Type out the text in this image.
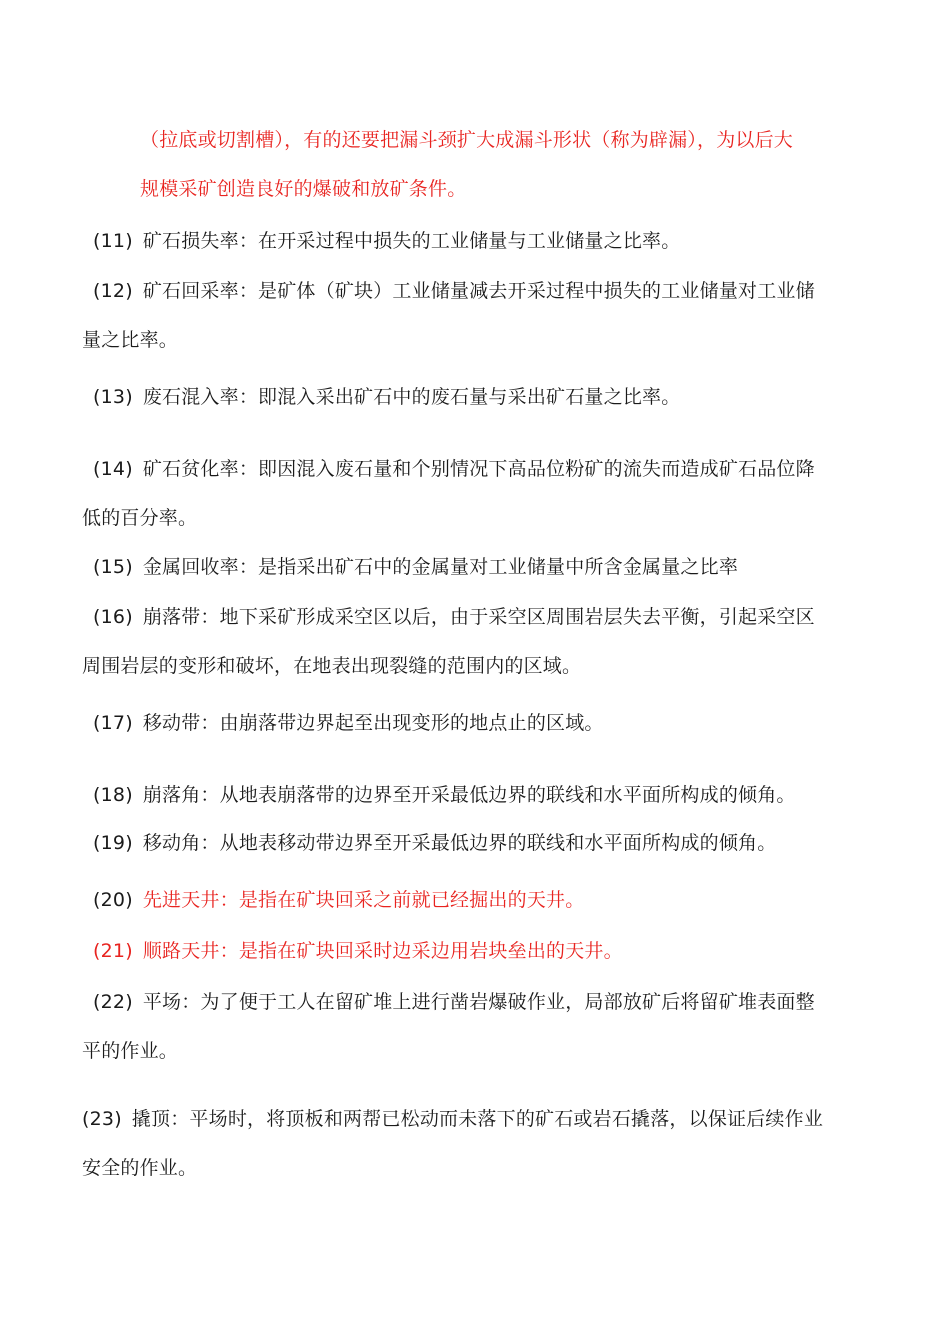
（拉底或切割槽），有的还要把漏斗颈扩大成漏斗形状（称为辟漏），为以后大
规模采矿创造良好的爆破和放矿条件。
(11) 矿石损失率：在开采过程中损失的工业储量与工业储量之比率。
(12) 矿石回采率：是矿体（矿块）工业储量减去开采过程中损失的工业储量对工业储
量之比率。
(13) 废石混入率：即混入采出矿石中的废石量与采出矿石量之比率。
(14) 矿石贫化率：即因混入废石量和个别情况下高品位粉矿的流失而造成矿石品位降
低的百分率。
(15) 金属回收率：是指采出矿石中的金属量对工业储量中所含金属量之比率
(16) 崩落带：地下采矿形成采空区以后，由于采空区周围岩层失去平衡，引起采空区
周围岩层的变形和破坏，在地表出现裂缝的范围内的区域。
(17) 移动带：由崩落带边界起至出现变形的地点止的区域。
(18) 崩落角：从地表崩落带的边界至开采最低边界的联线和水平面所构成的倾角。
(19) 移动角：从地表移动带边界至开采最低边界的联线和水平面所构成的倾角。
(20) 先进天井：是指在矿块回采之前就已经掘出的天井。
(21) 顺路天井：是指在矿块回采时边采边用岩块垒出的天井。
(22) 平场：为了便于工人在留矿堆上进行凿岩爆破作业，局部放矿后将留矿堆表面整
平的作业。
(23) 撬顶：平场时，将顶板和两帮已松动而未落下的矿石或岩石撬落，以保证后续作业
安全的作业。
